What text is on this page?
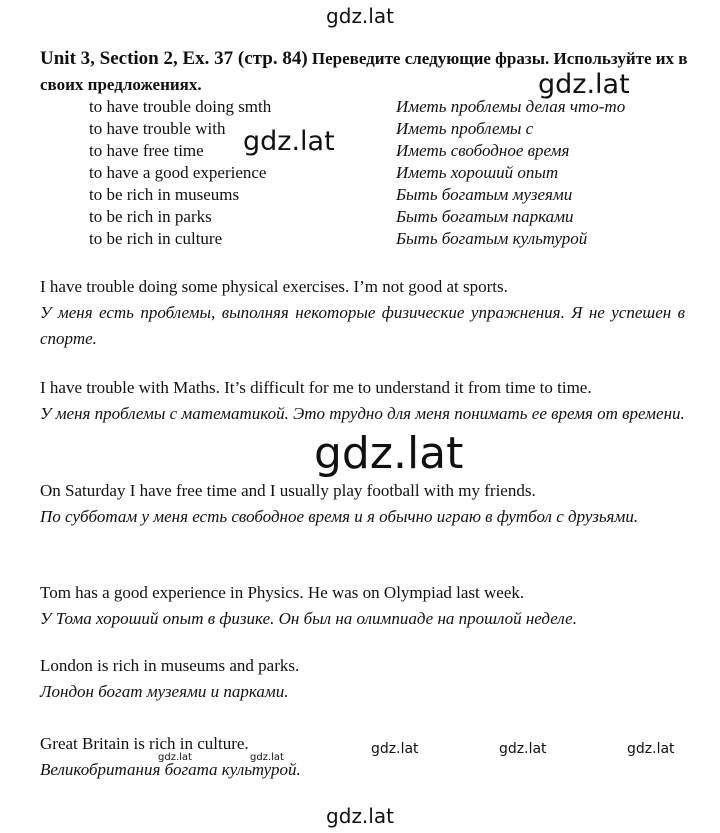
gdz.lat
Unit 3, Section 2, Ex. 37 (стр. 84) Переведите следующие фразы. Используйте их в своих предложениях.
to have trouble doing smth	Иметь проблемы делая что-то
to have trouble with	Иметь проблемы с
to have free time	Иметь свободное время
to have a good experience	Иметь хороший опыт
to be rich in museums	Быть богатым музеями
to be rich in parks	Быть богатым парками
to be rich in culture	Быть богатым культурой
I have trouble doing some physical exercises. I’m not good at sports.
У меня есть проблемы, выполняя некоторые физические упражнения. Я не успешен в спорте.
I have trouble with Maths. It’s difficult for me to understand it from time to time.
У меня проблемы с математикой. Это трудно для меня понимать ее время от времени.
On Saturday I have free time and I usually play football with my friends.
По субботам у меня есть свободное время и я обычно играю в футбол с друзьями.
Tom has a good experience in Physics. He was on Olympiad last week.
У Тома хороший опыт в физике. Он был на олимпиаде на прошлой неделе.
London is rich in museums and parks.
Лондон богат музеями и парками.
Great Britain is rich in culture.
Великобритания богата культурой.
gdz.lat
gdz.lat
gdz.lat
gdz.lat	gdz.lat	gdz.lat
gdz.lat	gdz.lat
gdz.lat
